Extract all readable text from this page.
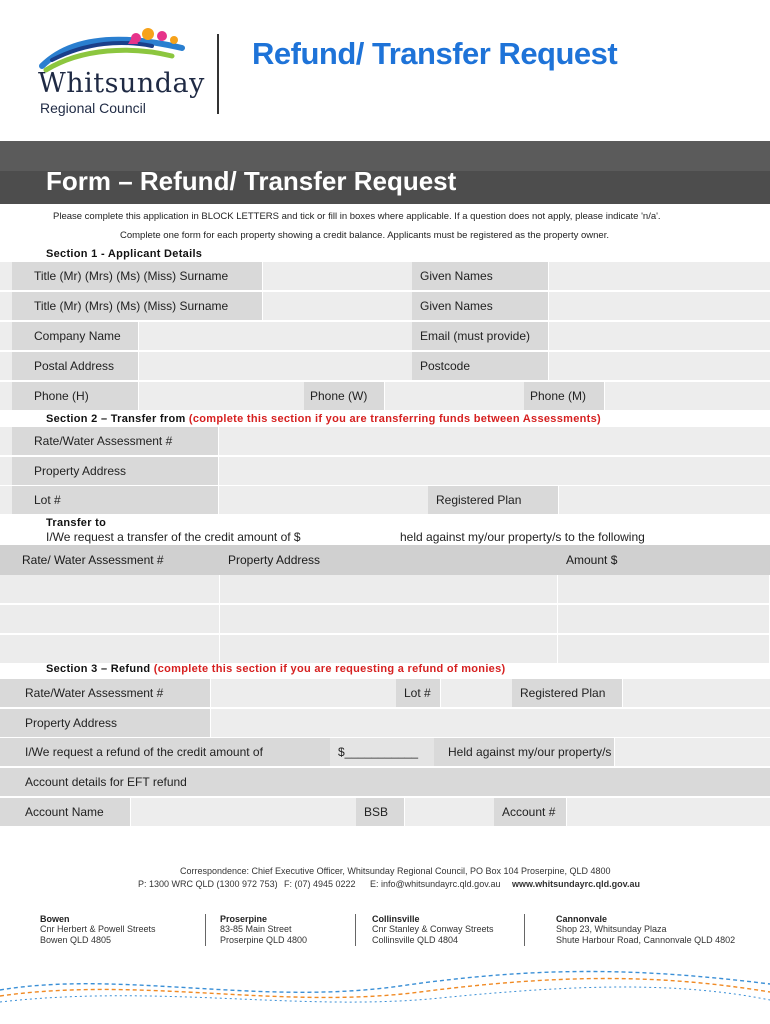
Whitsunday
Regional Council
Refund/ Transfer Request
Form – Refund/ Transfer Request
Please complete this application in BLOCK LETTERS and tick or fill in boxes where applicable. If a question does not apply, please indicate 'n/a'.
Complete one form for each property showing a credit balance. Applicants must be registered as the property owner.
Section 1 - Applicant Details
Title (Mr) (Mrs) (Ms) (Miss) Surname	Given Names
Title (Mr) (Mrs) (Ms) (Miss) Surname	Given Names
Company Name	Email (must provide)
Postal Address	Postcode
Phone (H)	Phone (W)	Phone (M)
Section 2 – Transfer from (complete this section if you are transferring funds between Assessments)
Rate/Water Assessment #
Property Address
Lot #	Registered Plan
Transfer to
I/We request a transfer of the credit amount of $	held against my/our property/s to the following
Rate/ Water Assessment #	Property Address	Amount $
Section 3 – Refund (complete this section if you are requesting a refund of monies)
Rate/Water Assessment #	Lot #	Registered Plan
Property Address
I/We request a refund of the credit amount of	$___________	Held against my/our property/s
Account details for EFT refund
Account Name	BSB	Account #
Correspondence: Chief Executive Officer, Whitsunday Regional Council, PO Box 104 Proserpine, QLD 4800
P: 1300 WRC QLD (1300 972 753) F: (07) 4945 0222 E: info@whitsundayrc.qld.gov.au www.whitsundayrc.qld.gov.au
Bowen
Cnr Herbert & Powell Streets
Bowen QLD 4805
Proserpine
83-85 Main Street
Proserpine QLD 4800
Collinsville
Cnr Stanley & Conway Streets
Collinsville QLD 4804
Cannonvale
Shop 23, Whitsunday Plaza
Shute Harbour Road, Cannonvale QLD 4802
